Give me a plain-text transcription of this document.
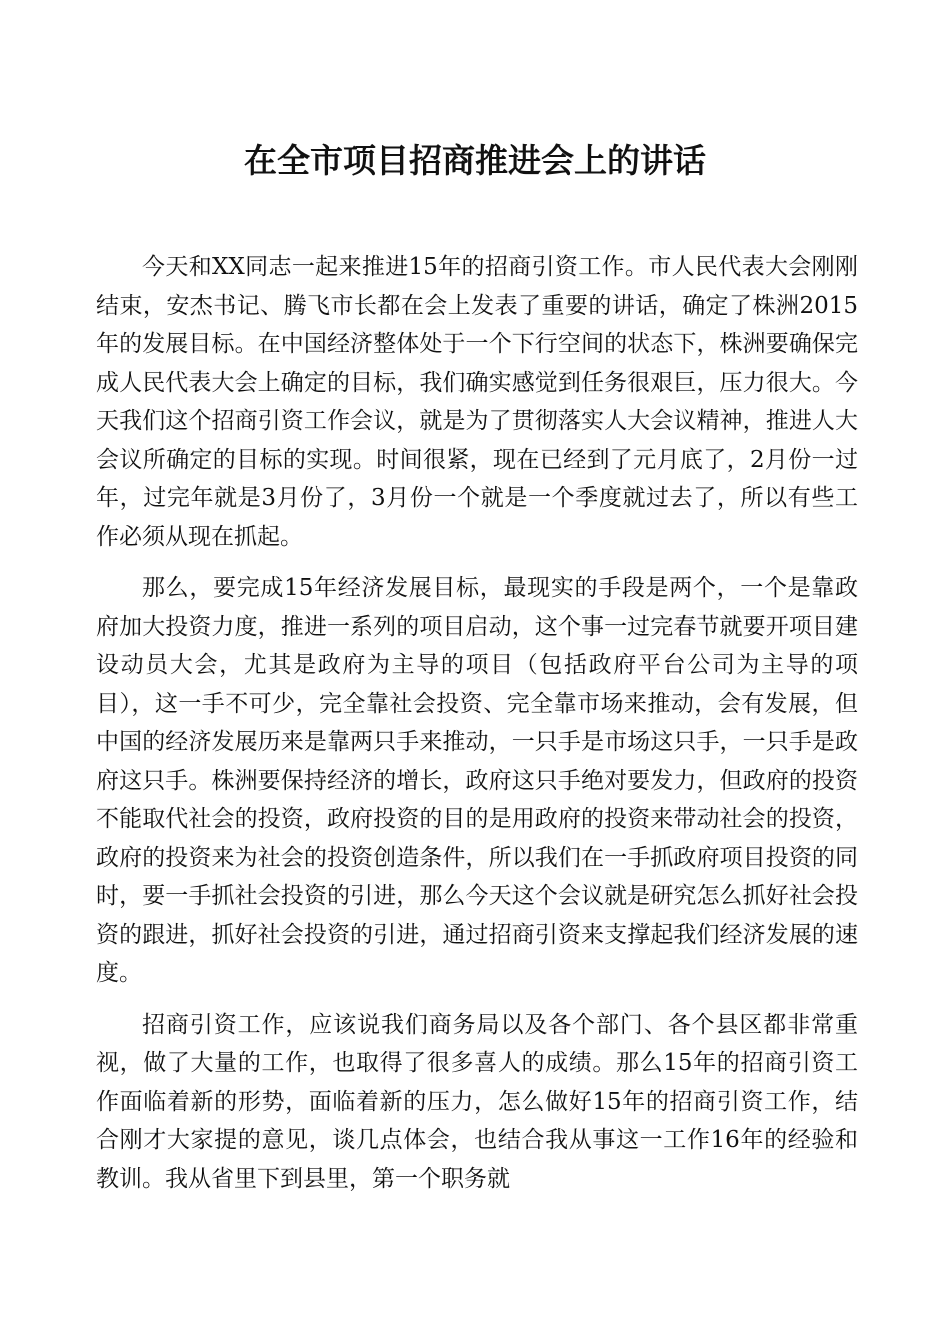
在全市项目招商推进会上的讲话

今天和XX同志一起来推进15年的招商引资工作。市人民代表大会刚刚结束，安杰书记、腾飞市长都在会上发表了重要的讲话，确定了株洲2015年的发展目标。在中国经济整体处于一个下行空间的状态下，株洲要确保完成人民代表大会上确定的目标，我们确实感觉到任务很艰巨，压力很大。今天我们这个招商引资工作会议，就是为了贯彻落实人大会议精神，推进人大会议所确定的目标的实现。时间很紧，现在已经到了元月底了，2月份一过年，过完年就是3月份了，3月份一个就是一个季度就过去了，所以有些工作必须从现在抓起。

那么，要完成15年经济发展目标，最现实的手段是两个，一个是靠政府加大投资力度，推进一系列的项目启动，这个事一过完春节就要开项目建设动员大会，尤其是政府为主导的项目（包括政府平台公司为主导的项目），这一手不可少，完全靠社会投资、完全靠市场来推动，会有发展，但中国的经济发展历来是靠两只手来推动，一只手是市场这只手，一只手是政府这只手。株洲要保持经济的增长，政府这只手绝对要发力，但政府的投资不能取代社会的投资，政府投资的目的是用政府的投资来带动社会的投资，政府的投资来为社会的投资创造条件，所以我们在一手抓政府项目投资的同时，要一手抓社会投资的引进，那么今天这个会议就是研究怎么抓好社会投资的跟进，抓好社会投资的引进，通过招商引资来支撑起我们经济发展的速度。

招商引资工作，应该说我们商务局以及各个部门、各个县区都非常重视，做了大量的工作，也取得了很多喜人的成绩。那么15年的招商引资工作面临着新的形势，面临着新的压力，怎么做好15年的招商引资工作，结合刚才大家提的意见，谈几点体会，也结合我从事这一工作16年的经验和教训。我从省里下到县里，第一个职务就
